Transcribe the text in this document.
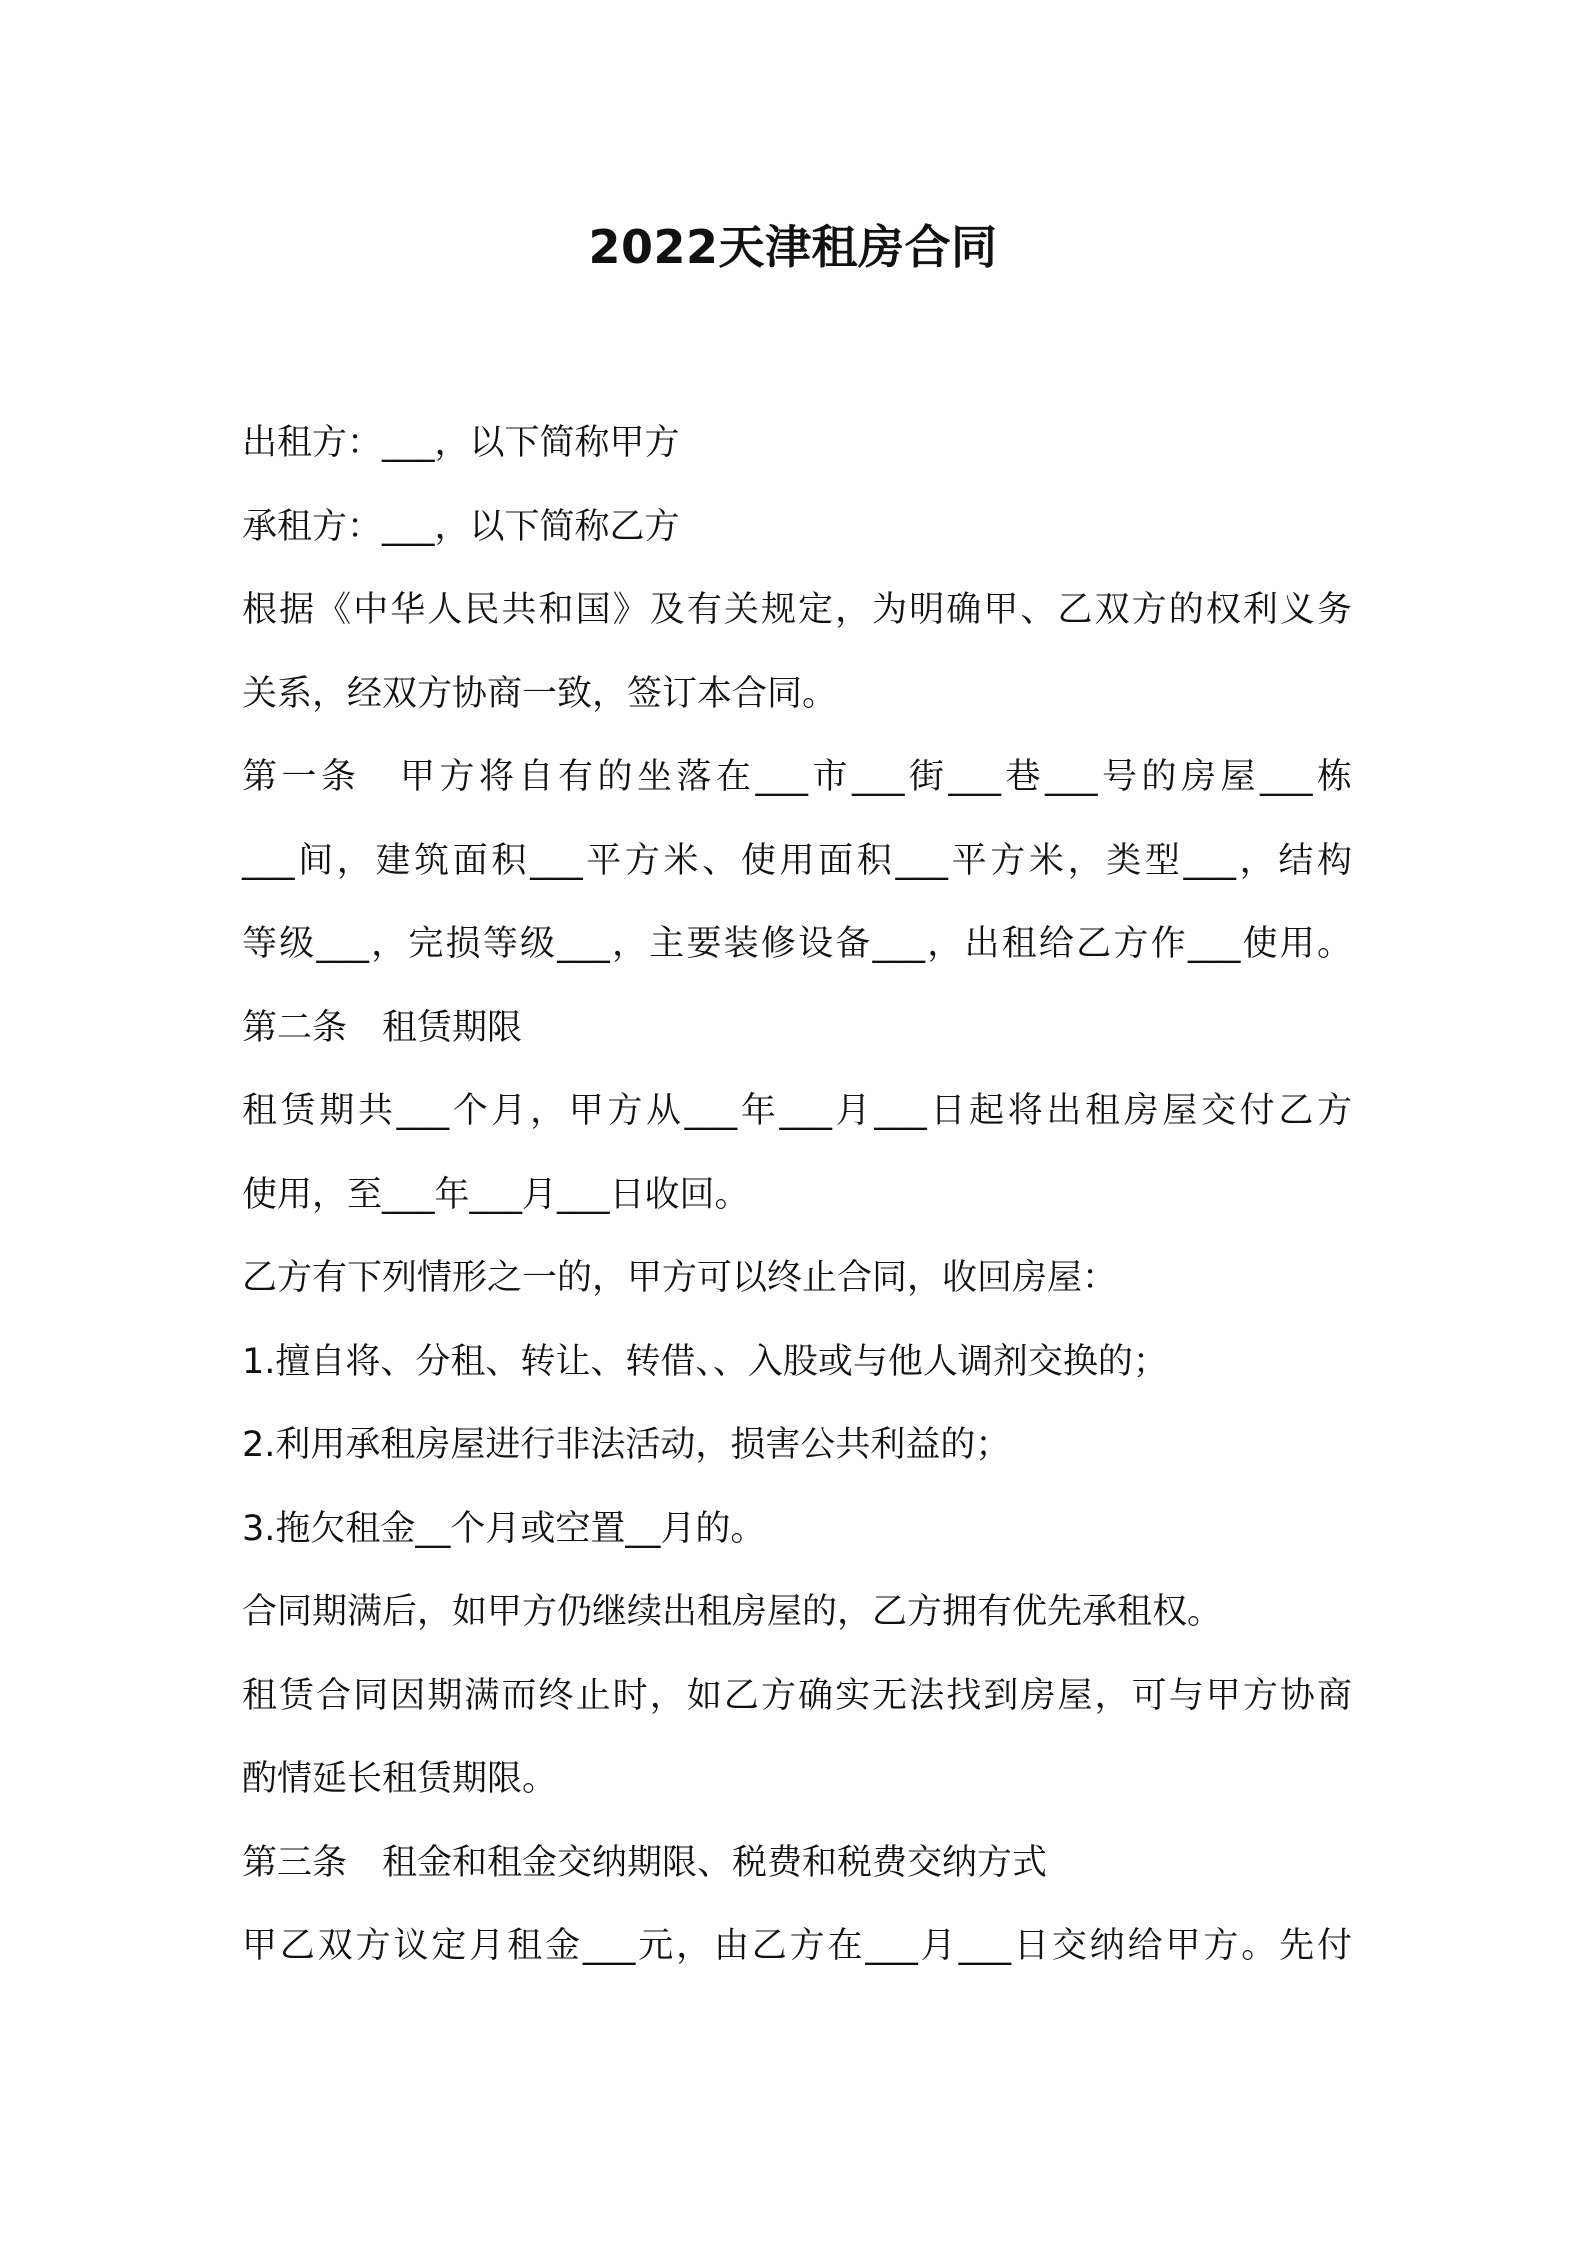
2022天津租房合同

出租方：___，以下简称甲方

承租方：___，以下简称乙方

根据《中华人民共和国》及有关规定，为明确甲、乙双方的权利义务

关系，经双方协商一致，签订本合同。

第一条　甲方将自有的坐落在___市___街___巷___号的房屋___栋

___间，建筑面积___平方米、使用面积___平方米，类型___，结构

等级___，完损等级___，主要装修设备___，出租给乙方作___使用。

第二条　租赁期限

租赁期共___个月，甲方从___年___月___日起将出租房屋交付乙方

使用，至___年___月___日收回。

乙方有下列情形之一的，甲方可以终止合同，收回房屋：

1.擅自将、分租、转让、转借、、入股或与他人调剂交换的；

2.利用承租房屋进行非法活动，损害公共利益的；

3.拖欠租金__个月或空置__月的。

合同期满后，如甲方仍继续出租房屋的，乙方拥有优先承租权。

租赁合同因期满而终止时，如乙方确实无法找到房屋，可与甲方协商

酌情延长租赁期限。

第三条　租金和租金交纳期限、税费和税费交纳方式

甲乙双方议定月租金___元，由乙方在___月___日交纳给甲方。先付
